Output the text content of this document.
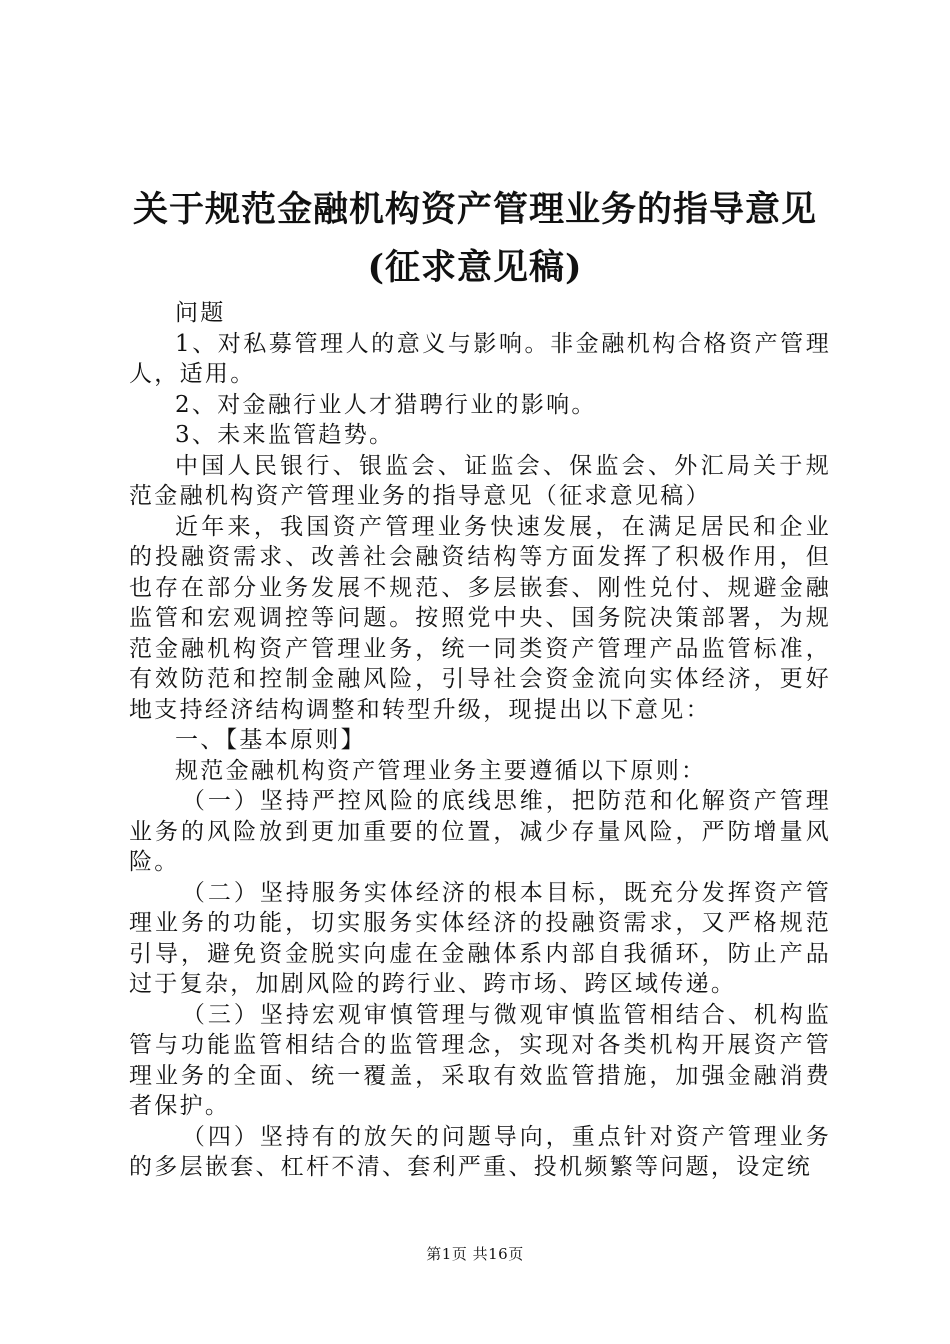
关于规范金融机构资产管理业务的指导意见
(征求意见稿)

问题

1、对私募管理人的意义与影响。非金融机构合格资产管理人，适用。

2、对金融行业人才猎聘行业的影响。

3、未来监管趋势。

中国人民银行、银监会、证监会、保监会、外汇局关于规范金融机构资产管理业务的指导意见（征求意见稿）

近年来，我国资产管理业务快速发展，在满足居民和企业的投融资需求、改善社会融资结构等方面发挥了积极作用，但也存在部分业务发展不规范、多层嵌套、刚性兑付、规避金融监管和宏观调控等问题。按照党中央、国务院决策部署，为规范金融机构资产管理业务，统一同类资产管理产品监管标准，有效防范和控制金融风险，引导社会资金流向实体经济，更好地支持经济结构调整和转型升级，现提出以下意见：

一、【基本原则】

规范金融机构资产管理业务主要遵循以下原则：

（一）坚持严控风险的底线思维，把防范和化解资产管理业务的风险放到更加重要的位置，减少存量风险，严防增量风险。

（二）坚持服务实体经济的根本目标，既充分发挥资产管理业务的功能，切实服务实体经济的投融资需求，又严格规范引导，避免资金脱实向虚在金融体系内部自我循环，防止产品过于复杂，加剧风险的跨行业、跨市场、跨区域传递。

（三）坚持宏观审慎管理与微观审慎监管相结合、机构监管与功能监管相结合的监管理念，实现对各类机构开展资产管理业务的全面、统一覆盖，采取有效监管措施，加强金融消费者保护。

（四）坚持有的放矢的问题导向，重点针对资产管理业务的多层嵌套、杠杆不清、套利严重、投机频繁等问题，设定统

第1页 共16页
